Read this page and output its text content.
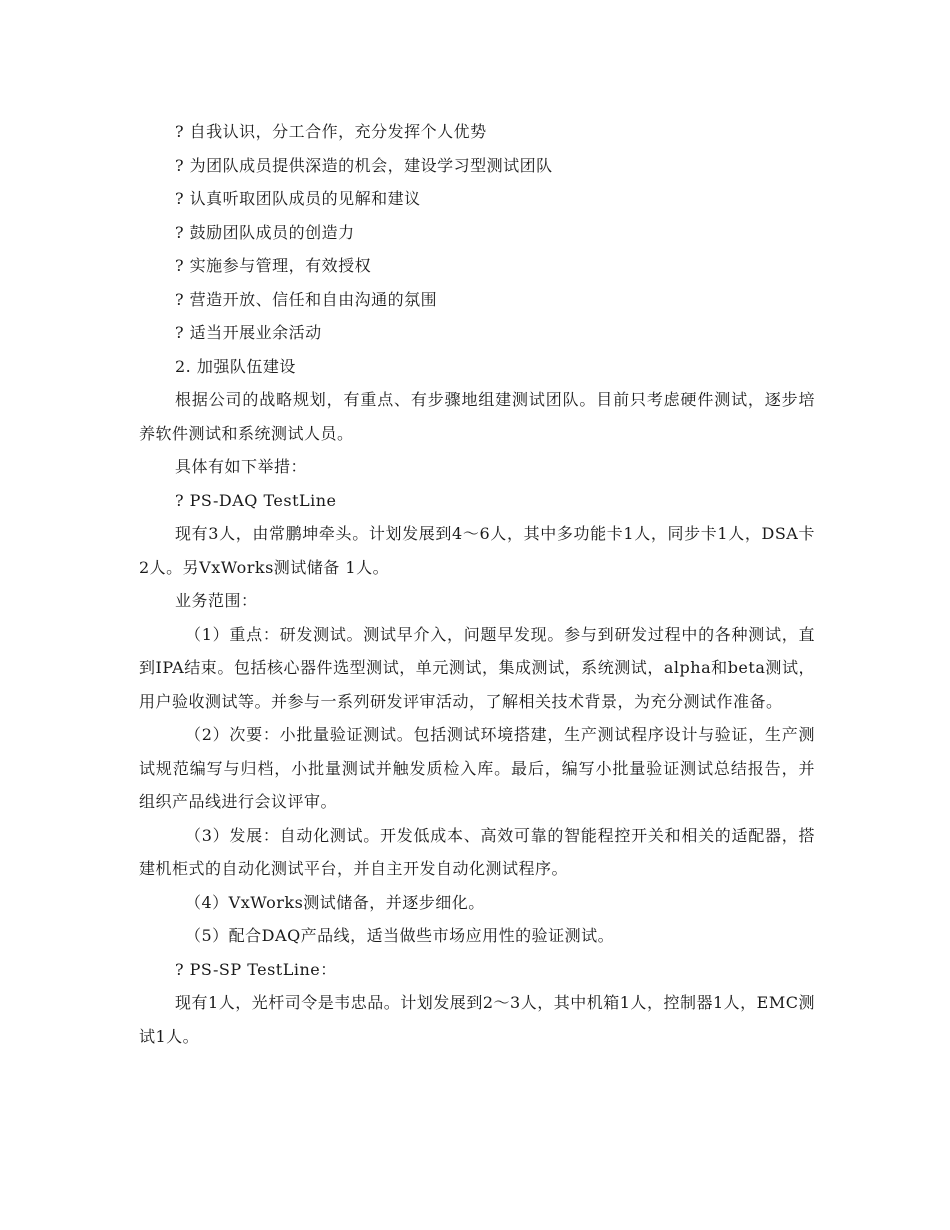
? 自我认识，分工合作，充分发挥个人优势

? 为团队成员提供深造的机会，建设学习型测试团队

? 认真听取团队成员的见解和建议

? 鼓励团队成员的创造力

? 实施参与管理，有效授权

? 营造开放、信任和自由沟通的氛围

? 适当开展业余活动

2. 加强队伍建设

根据公司的战略规划，有重点、有步骤地组建测试团队。目前只考虑硬件测试，逐步培养软件测试和系统测试人员。

具体有如下举措：

? PS-DAQ TestLine

现有3人，由常鹏坤牵头。计划发展到4～6人，其中多功能卡1人，同步卡1人，DSA卡2人。另VxWorks测试储备 1人。

业务范围：

（1）重点：研发测试。测试早介入，问题早发现。参与到研发过程中的各种测试，直到IPA结束。包括核心器件选型测试，单元测试，集成测试，系统测试，alpha和beta测试，用户验收测试等。并参与一系列研发评审活动，了解相关技术背景，为充分测试作准备。

（2）次要：小批量验证测试。包括测试环境搭建，生产测试程序设计与验证，生产测试规范编写与归档，小批量测试并触发质检入库。最后，编写小批量验证测试总结报告，并组织产品线进行会议评审。

（3）发展：自动化测试。开发低成本、高效可靠的智能程控开关和相关的适配器，搭建机柜式的自动化测试平台，并自主开发自动化测试程序。

（4）VxWorks测试储备，并逐步细化。

（5）配合DAQ产品线，适当做些市场应用性的验证测试。

? PS-SP TestLine：

现有1人，光杆司令是韦忠品。计划发展到2～3人，其中机箱1人，控制器1人，EMC测试1人。
